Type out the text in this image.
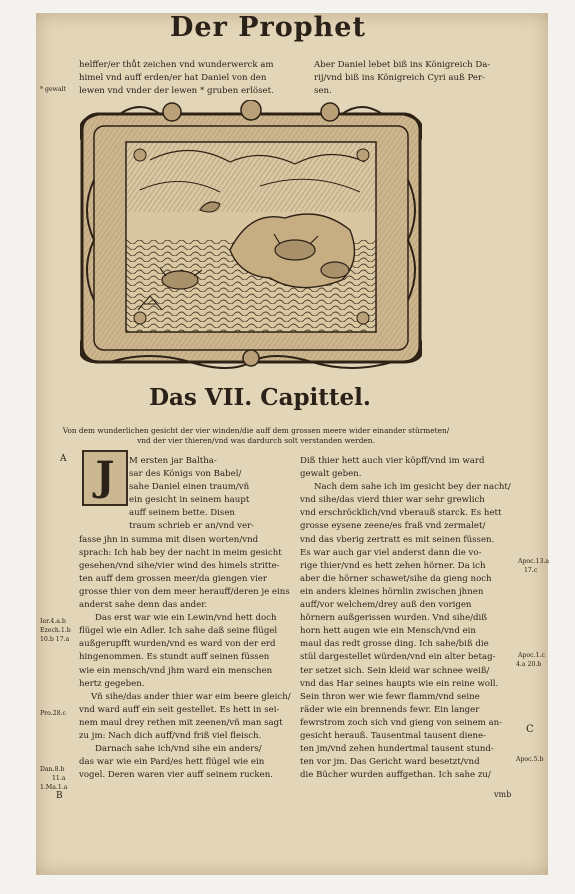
Der Prophet
helffer/er thůt zeichen vnd wunderwerck am
himel vnd auff erden/er hat Daniel von den
lewen vnd vnder der lewen * gruben erlöset.
* gewalt
Aber Daniel lebet biß ins Königreich Da-
rij/vnd biß ins Königreich Cyri auß Per-
sen.
Das VII. Capittel.
Von dem wunderlichen gesicht der vier winden/die auff dem grossen meere wider einander stürmeten/
vnd der vier thieren/vnd was dardurch solt verstanden werden.
A J	M ersten jar Baltha-
sar des Königs von Babel/
sahe Daniel einen traum/vñ
ein gesicht in seinem haupt
auff seinem bette. Disen
traum schrieb er an/vnd ver-
fasse jhn in summa mit disen worten/vnd
sprach: Ich hab bey der nacht in meim gesicht
gesehen/vnd sihe/vier wind des himels stritte-
ten auff dem grossen meer/da giengen vier
grosse thier von dem meer herauff/deren je eins
anderst sahe denn das ander.
Das erst war wie ein Lewin/vnd hett doch
flügel wie ein Adler. Ich sahe daß seine flügel
außgerupfft wurden/vnd es ward von der erd
hingenommen. Es stundt auff seinen füssen
wie ein mensch/vnd jhm ward ein menschen
hertz gegeben.
Vñ sihe/das ander thier war eim beere gleich/
vnd ward auff ein seit gestellet. Es hett in sei-
nem maul drey rethen mit zeenen/vñ man sagt
zu jm: Nach dich auff/vnd friß viel fleisch.
Darnach sahe ich/vnd sihe ein anders/
das war wie ein Pard/es hett flügel wie ein
vogel. Deren waren vier auff seinem rucken.
Diß thier hett auch vier köpff/vnd im ward
gewalt geben.
Nach dem sahe ich im gesicht bey der nacht/
vnd sihe/das vierd thier war sehr grewlich
vnd erschröcklich/vnd vberauß starck. Es hett
grosse eysene zeene/es fraß vnd zermalet/
vnd das vberig zertratt es mit seinen füssen.
Es war auch gar viel anderst dann die vo-
rige thier/vnd es hett zehen hörner. Da ich
aber die hörner schawet/sihe da gieng noch
ein anders kleines hörnlin zwischen jhnen
auff/vor welchem/drey auß den vorigen
hörnern außgerissen wurden. Vnd sihe/diß
horn hett augen wie ein Mensch/vnd ein
maul das redt grosse ding. Ich sahe/biß die
stül dargestellet würden/vnd ein alter betag-
ter setzet sich. Sein kleid war schnee weiß/
vnd das Har seines haupts wie ein reine woll.
Sein thron wer wie fewr flamm/vnd seine
räder wie ein brennends fewr. Ein langer
fewrstrom zoch sich vnd gieng von seinem an-
gesicht herauß. Tausentmal tausent diene-
ten jm/vnd zehen hundertmal tausent stund-
ten vor jm. Das Gericht ward besetzt/vnd
die Bücher wurden auffgethan. Ich sahe zu/
vmb
Ier.4.a.b
Ezech.1.b
10.b 17.a
Pro.28.c
Dan.8.b
11.a
1.Ma.1.a
B
Apoc.13.a
17.c
Apoc.1.c
4.a 20.b
C
Apoc.5.b
